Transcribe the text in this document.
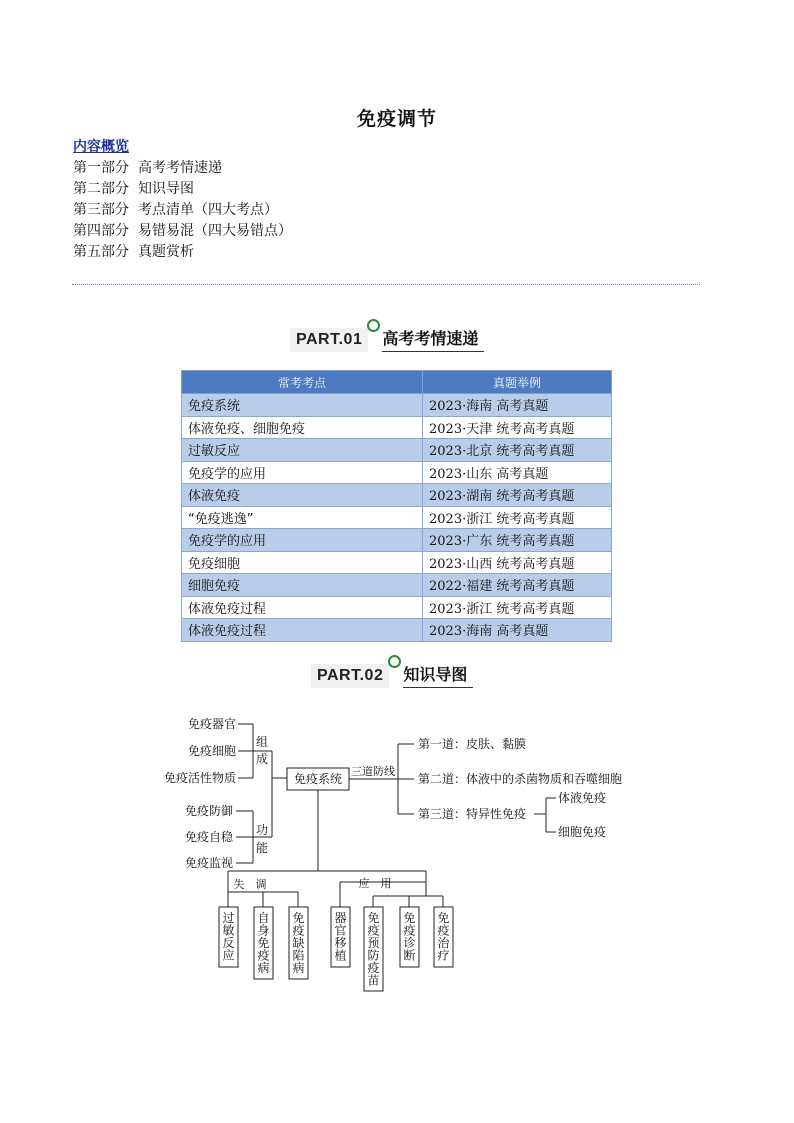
免疫调节
内容概览
第一部分 高考考情速递
第二部分 知识导图
第三部分 考点清单（四大考点）
第四部分 易错易混（四大易错点）
第五部分 真题赏析
PART.01	高考考情速递
常考考点	真题举例
免疫系统	2023·海南 高考真题
体液免疫、细胞免疫	2023·天津 统考高考真题
过敏反应	2023·北京 统考高考真题
免疫学的应用	2023·山东 高考真题
体液免疫	2023·湖南 统考高考真题
“免疫逃逸”	2023·浙江 统考高考真题
免疫学的应用	2023·广东 统考高考真题
免疫细胞	2023·山西 统考高考真题
细胞免疫	2022·福建 统考高考真题
体液免疫过程	2023·浙江 统考高考真题
体液免疫过程	2023·海南 高考真题
PART.02	知识导图
免疫系统
免疫器官
免疫细胞
免疫活性物质
组
成
免疫防御
免疫自稳
免疫监视
功
能
三道防线
第一道：皮肤、黏膜
第二道：体液中的杀菌物质和吞噬细胞
第三道：特异性免疫
体液免疫
细胞免疫
失　调	应　用
过敏反应
自身免疫病
免疫缺陷病
器官移植
免疫预防疫苗
免疫诊断
免疫治疗
